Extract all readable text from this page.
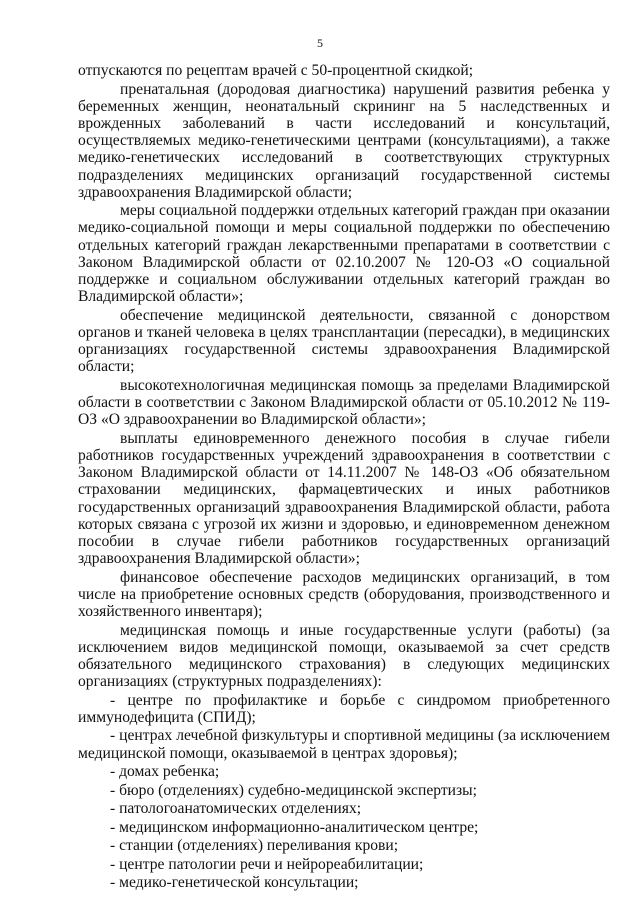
5

отпускаются по рецептам врачей с 50-процентной скидкой;

пренатальная (дородовая диагностика) нарушений развития ребенка у беременных женщин, неонатальный скрининг на 5 наследственных и врожденных заболеваний в части исследований и консультаций, осуществляемых медико-генетическими центрами (консультациями), а также медико-генетических исследований в соответствующих структурных подразделениях медицинских организаций государственной системы здравоохранения Владимирской области;

меры социальной поддержки отдельных категорий граждан при оказании медико-социальной помощи и меры социальной поддержки по обеспечению отдельных категорий граждан лекарственными препаратами в соответствии с Законом Владимирской области от 02.10.2007 № 120-ОЗ «О социальной поддержке и социальном обслуживании отдельных категорий граждан во Владимирской области»;

обеспечение медицинской деятельности, связанной с донорством органов и тканей человека в целях трансплантации (пересадки), в медицинских организациях государственной системы здравоохранения Владимирской области;

высокотехнологичная медицинская помощь за пределами Владимирской области в соответствии с Законом Владимирской области от 05.10.2012 № 119-ОЗ «О здравоохранении во Владимирской области»;

выплаты единовременного денежного пособия в случае гибели работников государственных учреждений здравоохранения в соответствии с Законом Владимирской области от 14.11.2007 № 148-ОЗ «Об обязательном страховании медицинских, фармацевтических и иных работников государственных организаций здравоохранения Владимирской области, работа которых связана с угрозой их жизни и здоровью, и единовременном денежном пособии в случае гибели работников государственных организаций здравоохранения Владимирской области»;

финансовое обеспечение расходов медицинских организаций, в том числе на приобретение основных средств (оборудования, производственного и хозяйственного инвентаря);

медицинская помощь и иные государственные услуги (работы) (за исключением видов медицинской помощи, оказываемой за счет средств обязательного медицинского страхования) в следующих медицинских организациях (структурных подразделениях):

- центре по профилактике и борьбе с синдромом приобретенного иммунодефицита (СПИД);

- центрах лечебной физкультуры и спортивной медицины (за исключением медицинской помощи, оказываемой в центрах здоровья);

- домах ребенка;

- бюро (отделениях) судебно-медицинской экспертизы;

- патологоанатомических отделениях;

- медицинском информационно-аналитическом центре;

- станции (отделениях) переливания крови;

- центре патологии речи и нейрореабилитации;

- медико-генетической консультации;
